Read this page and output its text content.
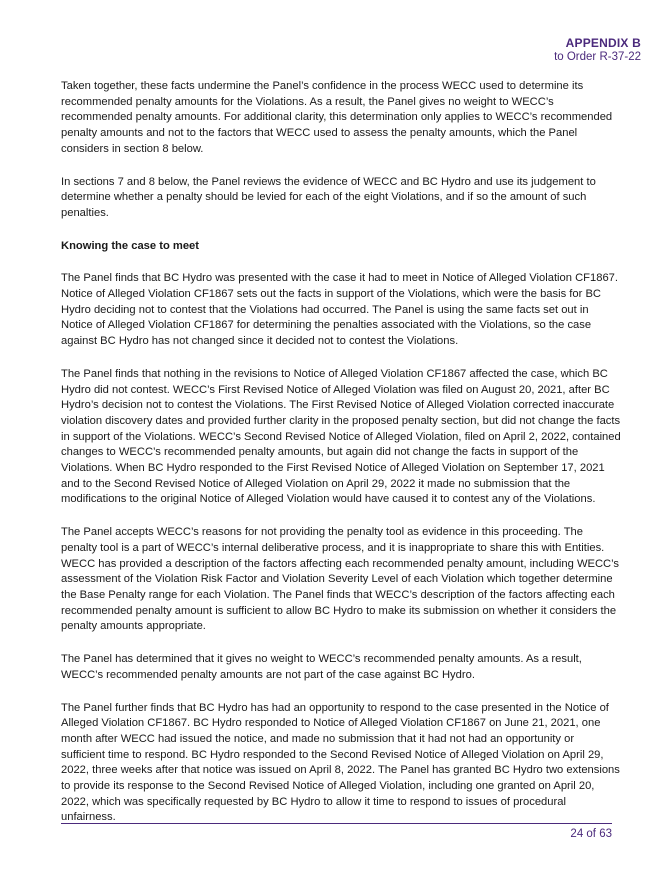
APPENDIX B
to Order R-37-22

Taken together, these facts undermine the Panel’s confidence in the process WECC used to determine its recommended penalty amounts for the Violations. As a result, the Panel gives no weight to WECC’s recommended penalty amounts. For additional clarity, this determination only applies to WECC’s recommended penalty amounts and not to the factors that WECC used to assess the penalty amounts, which the Panel considers in section 8 below.

In sections 7 and 8 below, the Panel reviews the evidence of WECC and BC Hydro and use its judgement to determine whether a penalty should be levied for each of the eight Violations, and if so the amount of such penalties.

Knowing the case to meet

The Panel finds that BC Hydro was presented with the case it had to meet in Notice of Alleged Violation CF1867. Notice of Alleged Violation CF1867 sets out the facts in support of the Violations, which were the basis for BC Hydro deciding not to contest that the Violations had occurred. The Panel is using the same facts set out in Notice of Alleged Violation CF1867 for determining the penalties associated with the Violations, so the case against BC Hydro has not changed since it decided not to contest the Violations.

The Panel finds that nothing in the revisions to Notice of Alleged Violation CF1867 affected the case, which BC Hydro did not contest. WECC’s First Revised Notice of Alleged Violation was filed on August 20, 2021, after BC Hydro’s decision not to contest the Violations. The First Revised Notice of Alleged Violation corrected inaccurate violation discovery dates and provided further clarity in the proposed penalty section, but did not change the facts in support of the Violations. WECC’s Second Revised Notice of Alleged Violation, filed on April 2, 2022, contained changes to WECC’s recommended penalty amounts, but again did not change the facts in support of the Violations. When BC Hydro responded to the First Revised Notice of Alleged Violation on September 17, 2021 and to the Second Revised Notice of Alleged Violation on April 29, 2022 it made no submission that the modifications to the original Notice of Alleged Violation would have caused it to contest any of the Violations.

The Panel accepts WECC’s reasons for not providing the penalty tool as evidence in this proceeding. The penalty tool is a part of WECC’s internal deliberative process, and it is inappropriate to share this with Entities. WECC has provided a description of the factors affecting each recommended penalty amount, including WECC’s assessment of the Violation Risk Factor and Violation Severity Level of each Violation which together determine the Base Penalty range for each Violation. The Panel finds that WECC’s description of the factors affecting each recommended penalty amount is sufficient to allow BC Hydro to make its submission on whether it considers the penalty amounts appropriate.

The Panel has determined that it gives no weight to WECC’s recommended penalty amounts. As a result, WECC’s recommended penalty amounts are not part of the case against BC Hydro.

The Panel further finds that BC Hydro has had an opportunity to respond to the case presented in the Notice of Alleged Violation CF1867. BC Hydro responded to Notice of Alleged Violation CF1867 on June 21, 2021, one month after WECC had issued the notice, and made no submission that it had not had an opportunity or sufficient time to respond. BC Hydro responded to the Second Revised Notice of Alleged Violation on April 29, 2022, three weeks after that notice was issued on April 8, 2022. The Panel has granted BC Hydro two extensions to provide its response to the Second Revised Notice of Alleged Violation, including one granted on April 20, 2022, which was specifically requested by BC Hydro to allow it time to respond to issues of procedural unfairness.

24 of 63
